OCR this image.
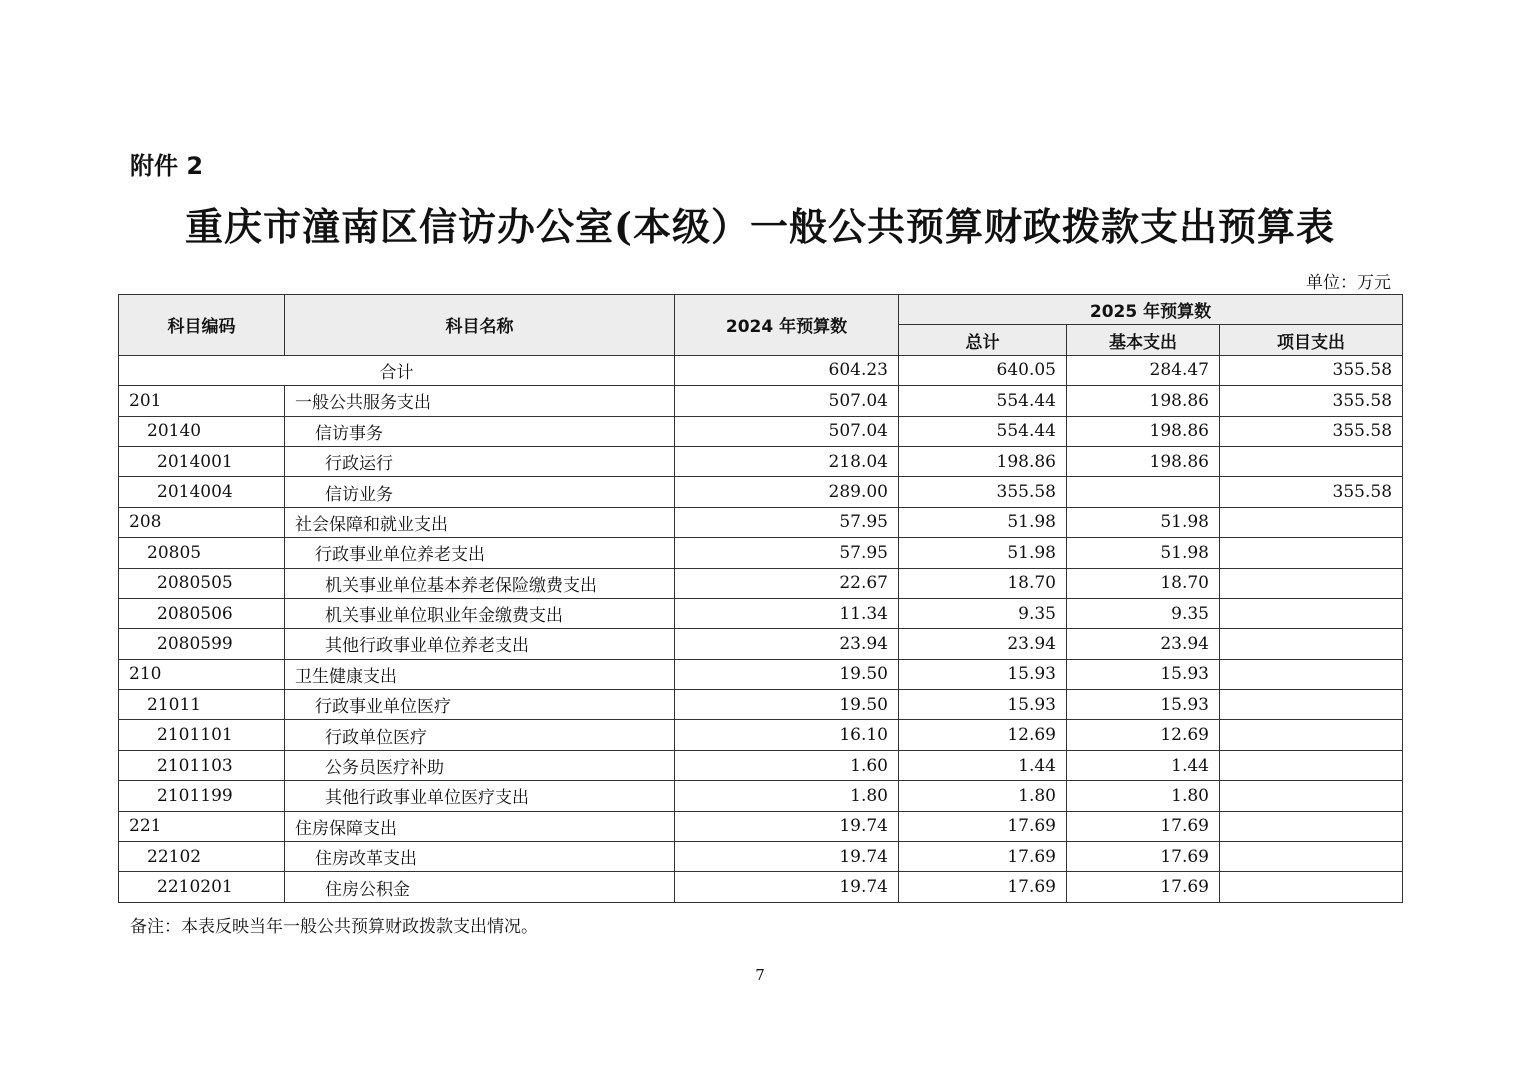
附件 2
重庆市潼南区信访办公室(本级）一般公共预算财政拨款支出预算表
单位：万元
科目编码	科目名称	2024 年预算数	2025 年预算数		
			总计	基本支出	项目支出
合计		604.23	640.05	284.47	355.58
201	一般公共服务支出	507.04	554.44	198.86	355.58
20140	信访事务	507.04	554.44	198.86	355.58
2014001	行政运行	218.04	198.86	198.86	
2014004	信访业务	289.00	355.58		355.58
208	社会保障和就业支出	57.95	51.98	51.98	
20805	行政事业单位养老支出	57.95	51.98	51.98	
2080505	机关事业单位基本养老保险缴费支出	22.67	18.70	18.70	
2080506	机关事业单位职业年金缴费支出	11.34	9.35	9.35	
2080599	其他行政事业单位养老支出	23.94	23.94	23.94	
210	卫生健康支出	19.50	15.93	15.93	
21011	行政事业单位医疗	19.50	15.93	15.93	
2101101	行政单位医疗	16.10	12.69	12.69	
2101103	公务员医疗补助	1.60	1.44	1.44	
2101199	其他行政事业单位医疗支出	1.80	1.80	1.80	
221	住房保障支出	19.74	17.69	17.69	
22102	住房改革支出	19.74	17.69	17.69	
2210201	住房公积金	19.74	17.69	17.69	
备注：本表反映当年一般公共预算财政拨款支出情况。
7
